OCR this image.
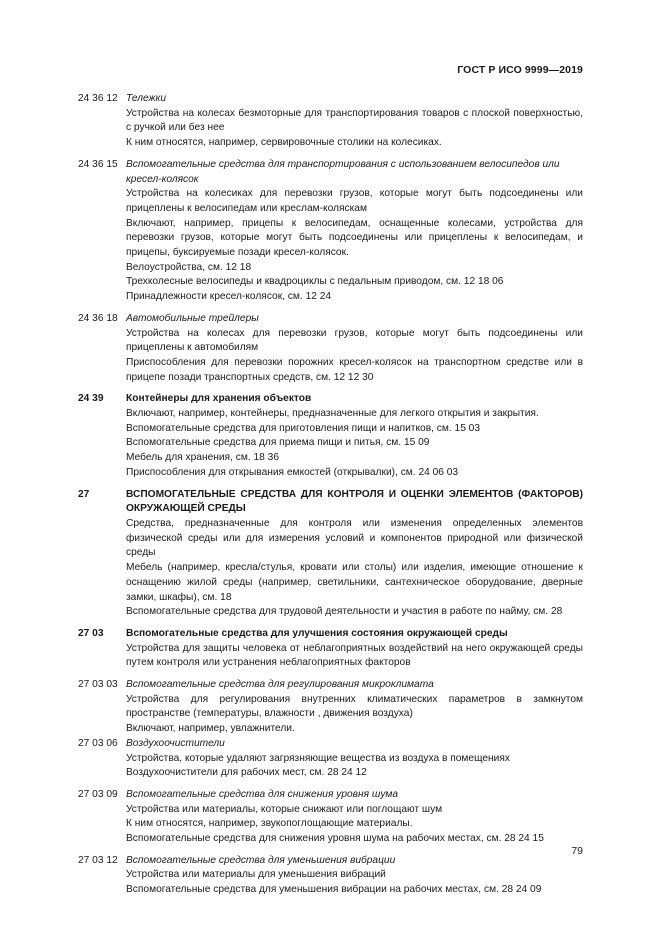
ГОСТ Р ИСО 9999—2019
24 36 12 Тележки
Устройства на колесах безмоторные для транспортирования товаров с плоской поверхностью, с ручкой или без нее
К ним относятся, например, сервировочные столики на колесиках.
24 36 15 Вспомогательные средства для транспортирования с использованием велосипедов или кресел-колясок
Устройства на колесиках для перевозки грузов, которые могут быть подсоединены или прицеплены к велосипедам или креслам-коляскам
Включают, например, прицепы к велосипедам, оснащенные колесами, устройства для перевозки грузов, которые могут быть подсоединены или прицеплены к велосипедам, и прицепы, буксируемые позади кресел-колясок.
Велоустройства, см. 12 18
Трехколесные велосипеды и квадроциклы с педальным приводом, см. 12 18 06
Принадлежности кресел-колясок, см. 12 24
24 36 18 Автомобильные трейлеры
Устройства на колесах для перевозки грузов, которые могут быть подсоединены или прицеплены к автомобилям
Приспособления для перевозки порожних кресел-колясок на транспортном средстве или в прицепе позади транспортных средств, см. 12 12 30
24 39 Контейнеры для хранения объектов
Включают, например, контейнеры, предназначенные для легкого открытия и закрытия.
Вспомогательные средства для приготовления пищи и напитков, см. 15 03
Вспомогательные средства для приема пищи и питья, см. 15 09
Мебель для хранения, см. 18 36
Приспособления для открывания емкостей (открывалки), см. 24 06 03
27	ВСПОМОГАТЕЛЬНЫЕ СРЕДСТВА ДЛЯ КОНТРОЛЯ И ОЦЕНКИ ЭЛЕМЕНТОВ (ФАКТОРОВ) ОКРУЖАЮЩЕЙ СРЕДЫ
Средства, предназначенные для контроля или изменения определенных элементов физической среды или для измерения условий и компонентов природной или физической среды
Мебель (например, кресла/стулья, кровати или столы) или изделия, имеющие отношение к оснащению жилой среды (например, светильники, сантехническое оборудование, дверные замки, шкафы), см. 18
Вспомогательные средства для трудовой деятельности и участия в работе по найму, см. 28
27 03 Вспомогательные средства для улучшения состояния окружающей среды
Устройства для защиты человека от неблагоприятных воздействий на него окружающей среды путем контроля или устранения неблагоприятных факторов
27 03 03 Вспомогательные средства для регулирования микроклимата
Устройства для регулирования внутренних климатических параметров в замкнутом пространстве (температуры, влажности , движения воздуха)
Включают, например, увлажнители.
27 03 06 Воздухоочистители
Устройства, которые удаляют загрязняющие вещества из воздуха в помещениях
Воздухоочистители для рабочих мест, см. 28 24 12
27 03 09 Вспомогательные средства для снижения уровня шума
Устройства или материалы, которые снижают или поглощают шум
К ним относятся, например, звукопоглощающие материалы.
Вспомогательные средства для снижения уровня шума на рабочих местах, см. 28 24 15
27 03 12 Вспомогательные средства для уменьшения вибрации
Устройства или материалы для уменьшения вибраций
Вспомогательные средства для уменьшения вибрации на рабочих местах, см. 28 24 09
79
